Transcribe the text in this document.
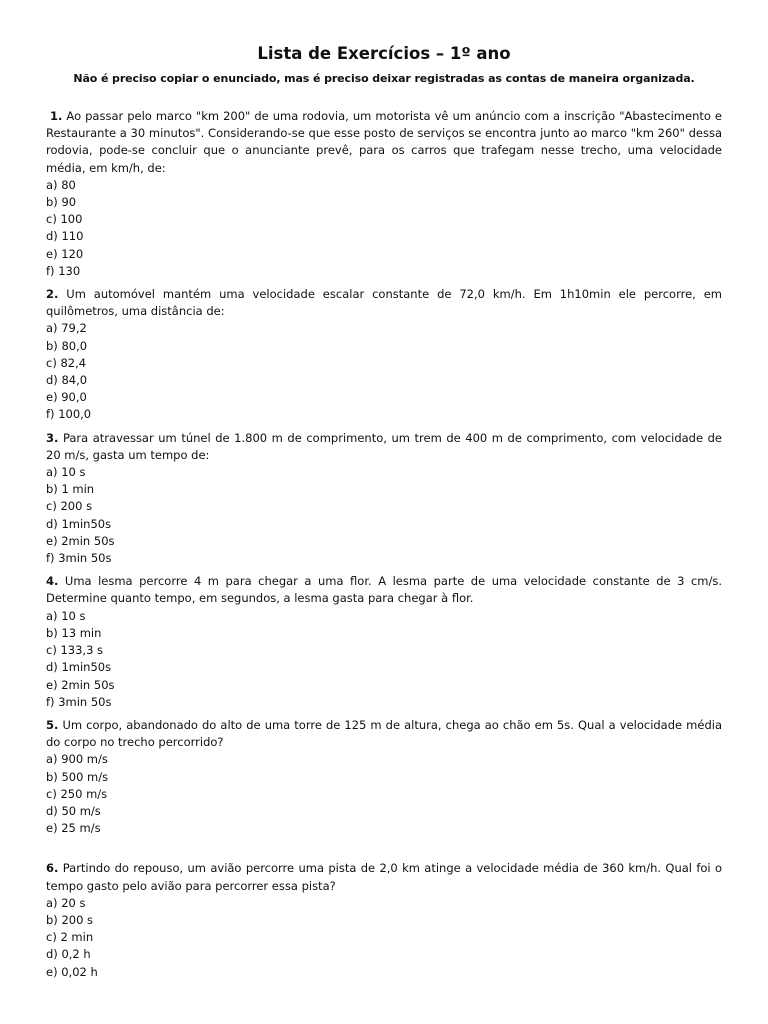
Lista de Exercícios – 1º ano
Não é preciso copiar o enunciado, mas é preciso deixar registradas as contas de maneira organizada.

1. Ao passar pelo marco "km 200" de uma rodovia, um motorista vê um anúncio com a inscrição "Abastecimento e Restaurante a 30 minutos". Considerando-se que esse posto de serviços se encontra junto ao marco "km 260" dessa rodovia, pode-se concluir que o anunciante prevê, para os carros que trafegam nesse trecho, uma velocidade média, em km/h, de:

a) 80
b) 90
c) 100
d) 110
e) 120
f) 130

2. Um automóvel mantém uma velocidade escalar constante de 72,0 km/h. Em 1h10min ele percorre, em quilômetros, uma distância de:

a) 79,2
b) 80,0
c) 82,4
d) 84,0
e) 90,0
f) 100,0

3. Para atravessar um túnel de 1.800 m de comprimento, um trem de 400 m de comprimento, com velocidade de 20 m/s, gasta um tempo de:

a) 10 s
b) 1 min
c) 200 s
d) 1min50s
e) 2min 50s
f) 3min 50s

4. Uma lesma percorre 4 m para chegar a uma flor. A lesma parte de uma velocidade constante de 3 cm/s. Determine quanto tempo, em segundos, a lesma gasta para chegar à flor.

a) 10 s
b) 13 min
c) 133,3 s
d) 1min50s
e) 2min 50s
f) 3min 50s

5. Um corpo, abandonado do alto de uma torre de 125 m de altura, chega ao chão em 5s. Qual a velocidade média do corpo no trecho percorrido?

a) 900 m/s
b) 500 m/s
c) 250 m/s
d) 50 m/s
e) 25 m/s

6. Partindo do repouso, um avião percorre uma pista de 2,0 km atinge a velocidade média de 360 km/h. Qual foi o tempo gasto pelo avião para percorrer essa pista?

a) 20 s
b) 200 s
c) 2 min
d) 0,2 h
e) 0,02 h
